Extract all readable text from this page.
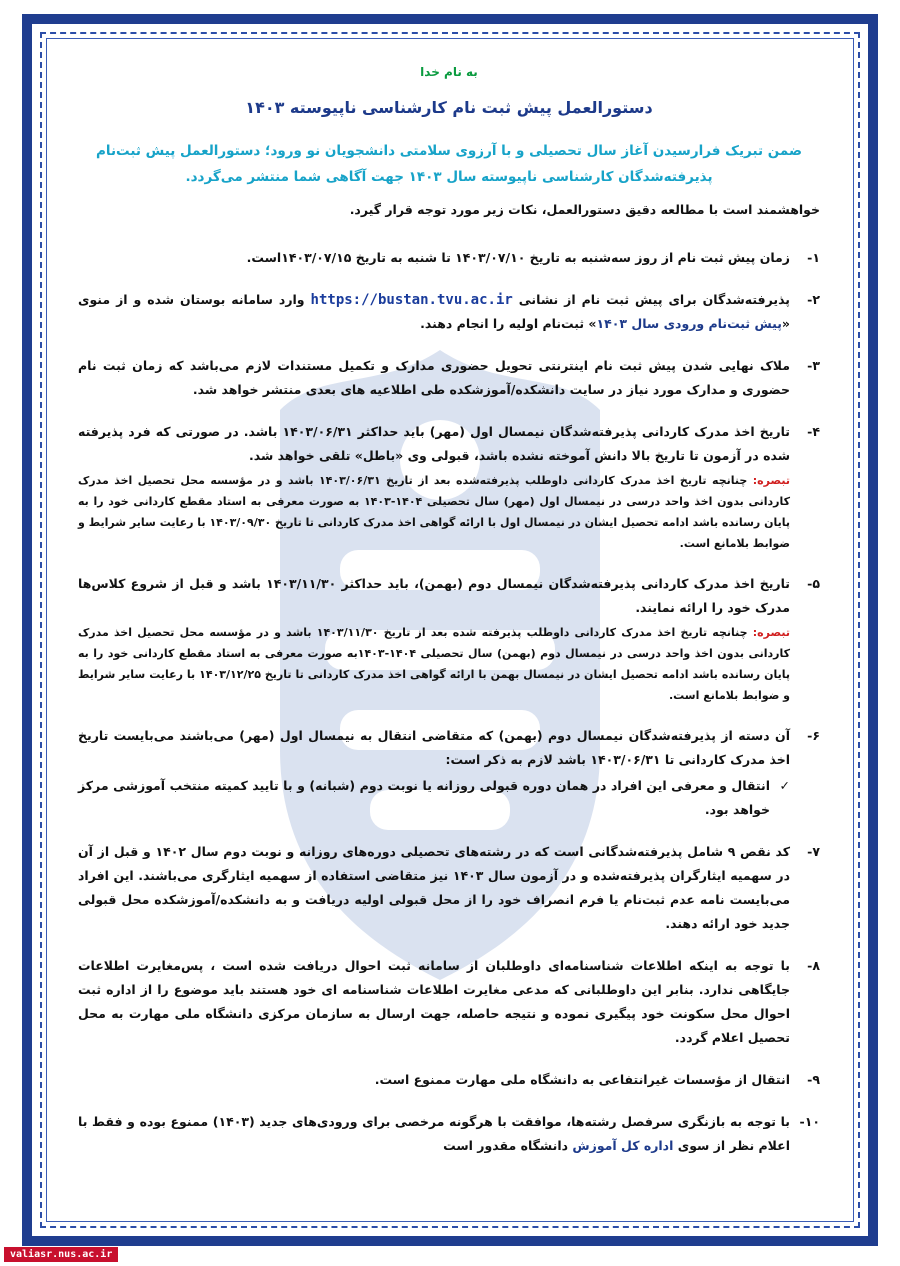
به نام خدا
دستورالعمل پیش ثبت نام کارشناسی ناپیوسته ۱۴۰۳
ضمن تبریک فرارسیدن آغاز سال تحصیلی و با آرزوی سلامتی دانشجویان نو ورود؛ دستورالعمل پیش ثبت‌نام پذیرفته‌شدگان کارشناسی ناپیوسته سال ۱۴۰۳ جهت آگاهی شما منتشر می‌گردد.
خواهشمند است با مطالعه دقیق دستورالعمل، نکات زیر مورد توجه قرار گیرد.
۱-
زمان پیش ثبت نام از روز سه‌شنبه به تاریخ ۱۴۰۳/۰۷/۱۰ تا شنبه به تاریخ ۱۴۰۳/۰۷/۱۵است.
۲-
پذیرفته‌شدگان برای پیش ثبت نام از نشانی https://bustan.tvu.ac.ir وارد سامانه بوستان شده و از منوی «پیش ثبت‌نام ورودی سال ۱۴۰۳» ثبت‌نام اولیه را انجام دهند.
۳-
ملاک نهایی شدن پیش ثبت نام اینترنتی تحویل حضوری مدارک و تکمیل مستندات لازم می‌باشد که زمان ثبت نام حضوری و مدارک مورد نیاز در سایت دانشکده/آموزشکده طی اطلاعیه های بعدی منتشر خواهد شد.
۴-
تاریخ اخذ مدرک کاردانی پذیرفته‌شدگان نیمسال اول (مهر) باید حداکثر ۱۴۰۳/۰۶/۳۱ باشد. در صورتی که فرد پذیرفته شده در آزمون تا تاریخ بالا دانش آموخته نشده باشد، قبولی وی «باطل» تلقی خواهد شد.
تبصره: چنانچه تاریخ اخذ مدرک کاردانی داوطلب پذیرفته‌شده بعد از تاریخ ۱۴۰۳/۰۶/۳۱ باشد و در مؤسسه محل تحصیل اخذ مدرک کاردانی بدون اخذ واحد درسی در نیمسال اول (مهر) سال تحصیلی ۱۴۰۴-۱۴۰۳ به صورت معرفی به استاد مقطع کاردانی خود را به پایان رسانده باشد ادامه تحصیل ایشان در نیمسال اول با ارائه گواهی اخذ مدرک کاردانی تا تاریخ ۱۴۰۳/۰۹/۳۰ با رعایت سایر شرایط و ضوابط بلامانع است.
۵-
تاریخ اخذ مدرک کاردانی پذیرفته‌شدگان نیمسال دوم (بهمن)، باید حداکثر ۱۴۰۳/۱۱/۳۰ باشد و قبل از شروع کلاس‌ها مدرک خود را ارائه نمایند.
تبصره: چنانچه تاریخ اخذ مدرک کاردانی داوطلب پذیرفته شده بعد از تاریخ ۱۴۰۳/۱۱/۳۰ باشد و در مؤسسه محل تحصیل اخذ مدرک کاردانی بدون اخذ واحد درسی در نیمسال دوم (بهمن) سال تحصیلی ۱۴۰۴-۱۴۰۳به صورت معرفی به استاد مقطع کاردانی خود را به پایان رسانده باشد ادامه تحصیل ایشان در نیمسال بهمن با ارائه گواهی اخذ مدرک کاردانی تا تاریخ ۱۴۰۳/۱۲/۲۵ با رعایت سایر شرایط و ضوابط بلامانع است.
۶-
آن دسته از پذیرفته‌شدگان نیمسال دوم (بهمن) که متقاضی انتقال به نیمسال اول (مهر) می‌باشند می‌بایست تاریخ اخذ مدرک کاردانی تا ۱۴۰۳/۰۶/۳۱ باشد لازم به ذکر است:
✓
انتقال و معرفی این افراد در همان دوره قبولی روزانه یا نوبت دوم (شبانه) و با تایید کمیته منتخب آموزشی مرکز خواهد بود.
۷-
کد نقص ۹ شامل پذیرفته‌شدگانی است که در رشته‌های تحصیلی دوره‌های روزانه و نوبت دوم سال ۱۴۰۲ و قبل از آن در سهمیه ایثارگران پذیرفته‌شده و در آزمون سال ۱۴۰۳ نیز متقاضی استفاده از سهمیه ایثارگری می‌باشند. این افراد می‌بایست نامه عدم ثبت‌نام یا فرم انصراف خود را از محل قبولی اولیه دریافت و به دانشکده/آموزشکده محل قبولی جدید خود ارائه دهند.
۸-
با توجه به اینکه اطلاعات شناسنامه‌ای داوطلبان از سامانه ثبت احوال دریافت شده است ، پس‌مغایرت اطلاعات جایگاهی ندارد. بنابر این داوطلبانی که مدعی مغایرت اطلاعات شناسنامه ای خود هستند باید موضوع را از اداره ثبت احوال محل سکونت خود پیگیری نموده و نتیجه حاصله، جهت ارسال به سازمان مرکزی دانشگاه ملی مهارت به محل تحصیل اعلام گردد.
۹-
انتقال از مؤسسات غیرانتفاعی به دانشگاه ملی مهارت ممنوع است.
۱۰-
با توجه به بازنگری سرفصل رشته‌ها، موافقت با هرگونه مرخصی برای ورودی‌های جدید (۱۴۰۳) ممنوع بوده و فقط با اعلام نظر از سوی اداره کل آموزش دانشگاه مقدور است
valiasr.nus.ac.ir
